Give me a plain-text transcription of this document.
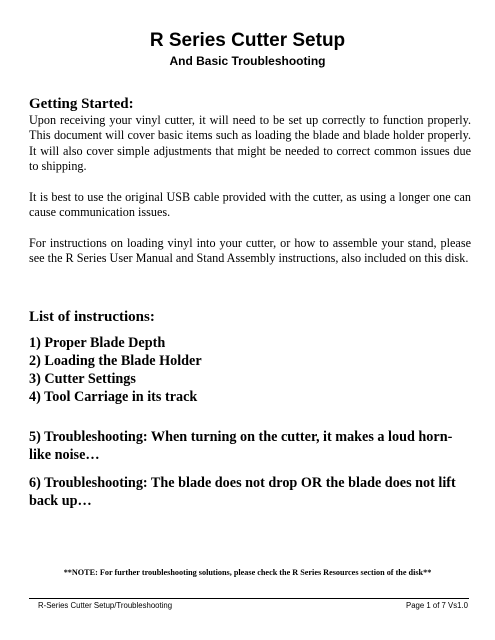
R Series Cutter Setup
And Basic Troubleshooting
Getting Started:
Upon receiving your vinyl cutter, it will need to be set up correctly to function properly. This document will cover basic items such as loading the blade and blade holder properly. It will also cover simple adjustments that might be needed to correct common issues due to shipping.
It is best to use the original USB cable provided with the cutter, as using a longer one can cause communication issues.
For instructions on loading vinyl into your cutter, or how to assemble your stand, please see the R Series User Manual and Stand Assembly instructions, also included on this disk.
List of instructions:
1) Proper Blade Depth
2) Loading the Blade Holder
3) Cutter Settings
4) Tool Carriage in its track
5) Troubleshooting: When turning on the cutter, it makes a loud horn-like noise…
6) Troubleshooting: The blade does not drop OR the blade does not lift back up…
**NOTE: For further troubleshooting solutions, please check the R Series Resources section of the disk**
R-Series Cutter Setup/Troubleshooting	Page 1 of 7 Vs1.0
